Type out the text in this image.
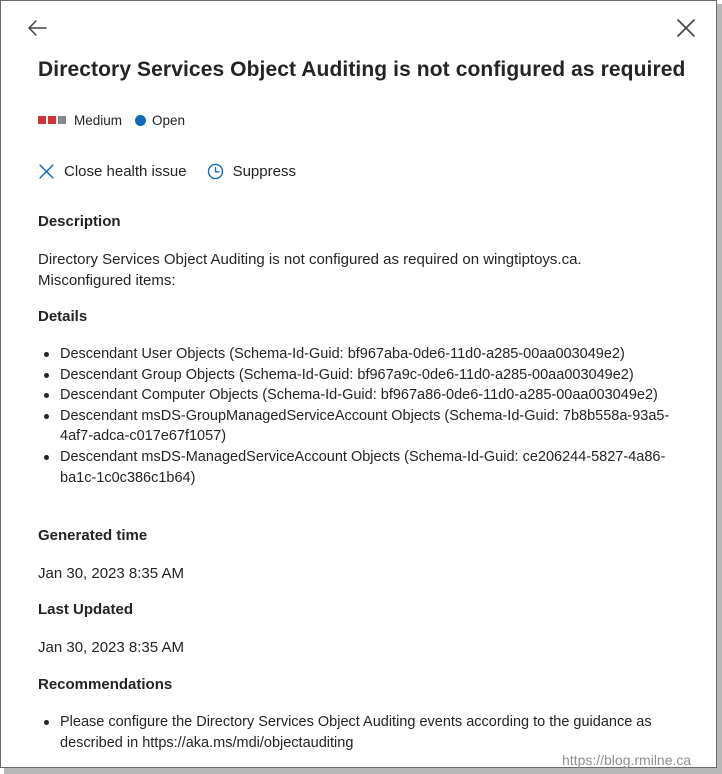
Directory Services Object Auditing is not configured as required
Medium Open
Close health issue	Suppress
Description

Directory Services Object Auditing is not configured as required on wingtiptoys.ca.
Misconfigured items:

Details
Descendant User Objects (Schema-Id-Guid: bf967aba-0de6-11d0-a285-00aa003049e2)
Descendant Group Objects (Schema-Id-Guid: bf967a9c-0de6-11d0-a285-00aa003049e2)
Descendant Computer Objects (Schema-Id-Guid: bf967a86-0de6-11d0-a285-00aa003049e2)
Descendant msDS-GroupManagedServiceAccount Objects (Schema-Id-Guid: 7b8b558a-93a5-4af7-adca-c017e67f1057)
Descendant msDS-ManagedServiceAccount Objects (Schema-Id-Guid: ce206244-5827-4a86-ba1c-1c0c386c1b64)
Generated time

Jan 30, 2023 8:35 AM

Last Updated

Jan 30, 2023 8:35 AM

Recommendations
Please configure the Directory Services Object Auditing events according to the guidance as described in https://aka.ms/mdi/objectauditing
https://blog.rmilne.ca
